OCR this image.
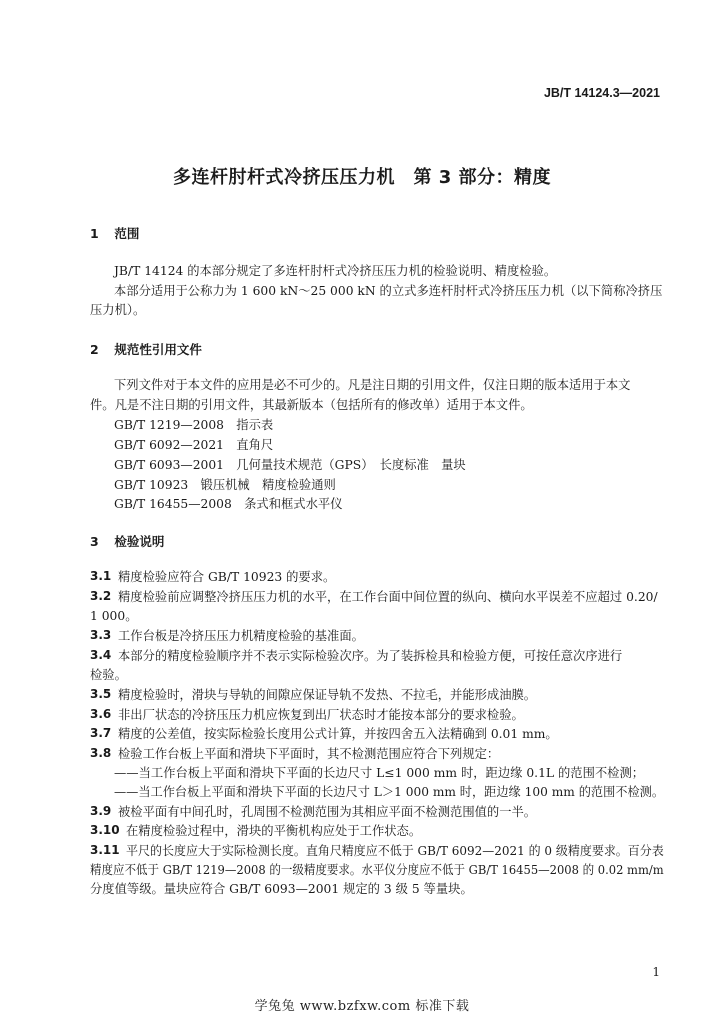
JB/T 14124.3—2021
多连杆肘杆式冷挤压压力机　第 3 部分：精度
1 范围
JB/T 14124 的本部分规定了多连杆肘杆式冷挤压压力机的检验说明、精度检验。
本部分适用于公称力为 1 600 kN～25 000 kN 的立式多连杆肘杆式冷挤压压力机（以下简称冷挤压
压力机）。
2 规范性引用文件
下列文件对于本文件的应用是必不可少的。凡是注日期的引用文件，仅注日期的版本适用于本文
件。凡是不注日期的引用文件，其最新版本（包括所有的修改单）适用于本文件。
GB/T 1219—2008　指示表
GB/T 6092—2021　直角尺
GB/T 6093—2001　几何量技术规范（GPS）　长度标准　量块
GB/T 10923　锻压机械　精度检验通则
GB/T 16455—2008　条式和框式水平仪
3 检验说明
3.1 精度检验应符合 GB/T 10923 的要求。
3.2 精度检验前应调整冷挤压压力机的水平，在工作台面中间位置的纵向、横向水平误差不应超过 0.20/
1 000。
3.3 工作台板是冷挤压压力机精度检验的基准面。
3.4 本部分的精度检验顺序并不表示实际检验次序。为了装拆检具和检验方便，可按任意次序进行
检验。
3.5 精度检验时，滑块与导轨的间隙应保证导轨不发热、不拉毛，并能形成油膜。
3.6 非出厂状态的冷挤压压力机应恢复到出厂状态时才能按本部分的要求检验。
3.7 精度的公差值，按实际检验长度用公式计算，并按四舍五入法精确到 0.01 mm。
3.8 检验工作台板上平面和滑块下平面时，其不检测范围应符合下列规定：
——当工作台板上平面和滑块下平面的长边尺寸 L≤1 000 mm 时，距边缘 0.1L 的范围不检测；
——当工作台板上平面和滑块下平面的长边尺寸 L＞1 000 mm 时，距边缘 100 mm 的范围不检测。
3.9 被检平面有中间孔时，孔周围不检测范围为其相应平面不检测范围值的一半。
3.10 在精度检验过程中，滑块的平衡机构应处于工作状态。
3.11 平尺的长度应大于实际检测长度。直角尺精度应不低于 GB/T 6092—2021 的 0 级精度要求。百分表
精度应不低于 GB/T 1219—2008 的一级精度要求。水平仪分度应不低于 GB/T 16455—2008 的 0.02 mm/m
分度值等级。量块应符合 GB/T 6093—2001 规定的 3 级 5 等量块。
1
学兔兔 www.bzfxw.com 标准下载
